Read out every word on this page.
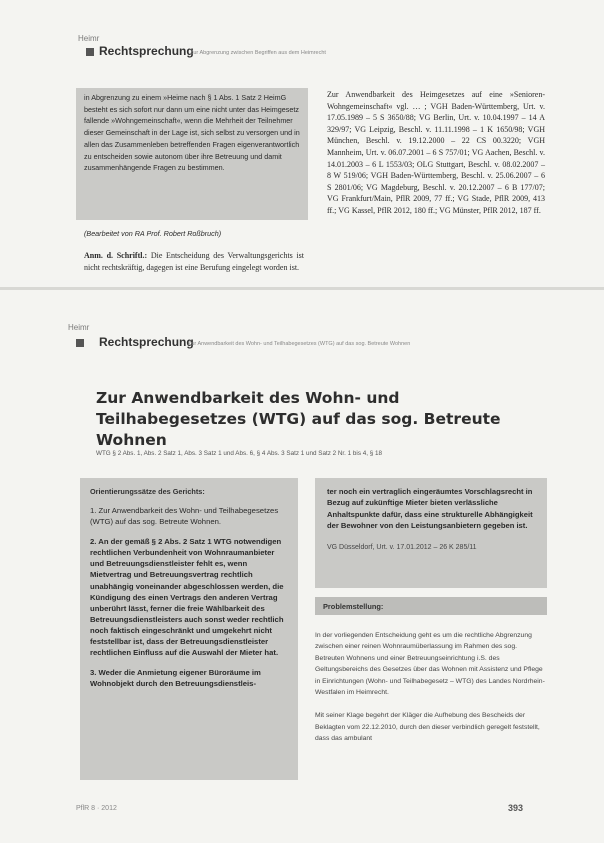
Heimr
Rechtsprechung
Zur Abgrenzung zwischen Begriffen aus dem Heimrecht
in Abgrenzung zu einem »Heime nach § 1 Abs. 1 Satz 2 HeimG besteht es sich sofort nur dann um eine nicht unter das Heimgesetz fallende »Wohngemeinschaft«, wenn die Mehrheit der Teilnehmer dieser Gemeinschaft in der Lage ist, sich selbst zu versorgen und in allen das Zusammenleben betreffenden Fragen eigenverantwortlich zu entscheiden sowie autonom über ihre Betreuung und damit zusammenhängende Fragen zu bestimmen.
(Bearbeitet von RA Prof. Robert Roßbruch)
Anm. d. Schriftl.: Die Entscheidung des Verwaltungsgerichts ist nicht rechtskräftig, dagegen ist eine Berufung eingelegt worden ist.
Zur Anwendbarkeit des Heimgesetzes auf eine »Senioren-Wohngemeinschaft« vgl. … ; VGH Baden-Württemberg, Urt. v. 17.05.1989 – 5 S 3650/88; VG Berlin, Urt. v. 10.04.1997 – 14 A 329/97; VG Leipzig, Beschl. v. 11.11.1998 – 1 K 1650/98; VGH München, Beschl. v. 19.12.2000 – 22 CS 00.3220; VGH Mannheim, Urt. v. 06.07.2001 – 6 S 757/01; VG Aachen, Beschl. v. 14.01.2003 – 6 L 1553/03; OLG Stuttgart, Beschl. v. 08.02.2007 – 8 W 519/06; VGH Baden-Württemberg, Beschl. v. 25.06.2007 – 6 S 2801/06; VG Magdeburg, Beschl. v. 20.12.2007 – 6 B 177/07; VG Frankfurt/Main, PflR 2009, 77 ff.; VG Stade, PflR 2009, 413 ff.; VG Kassel, PflR 2012, 180 ff.; VG Münster, PflR 2012, 187 ff.
Heimr
Rechtsprechung
Zur Anwendbarkeit des Wohn- und Teilhabegesetzes (WTG) auf das sog. Betreute Wohnen
Zur Anwendbarkeit des Wohn- und Teilhabegesetzes (WTG) auf das sog. Betreute Wohnen
WTG § 2 Abs. 1, Abs. 2 Satz 1, Abs. 3 Satz 1 und Abs. 6, § 4 Abs. 3 Satz 1 und Satz 2 Nr. 1 bis 4, § 18
Orientierungssätze des Gerichts:

1. Zur Anwendbarkeit des Wohn- und Teilhabegesetzes (WTG) auf das sog. Betreute Wohnen.

2. An der gemäß § 2 Abs. 2 Satz 1 WTG notwendigen rechtlichen Verbundenheit von Wohnraumanbieter und Betreuungsdienstleister fehlt es, wenn Mietvertrag und Betreuungsvertrag rechtlich unabhängig voneinander abgeschlossen werden, die Kündigung des einen Vertrags den anderen Vertrag unberührt lässt, ferner die freie Wählbarkeit des Betreuungsdienstleisters auch sonst weder rechtlich noch faktisch eingeschränkt und umgekehrt nicht feststellbar ist, dass der Betreuungsdienstleister rechtlichen Einfluss auf die Auswahl der Mieter hat.

3. Weder die Anmietung eigener Büroräume im Wohnobjekt durch den Betreuungsdienstleis-

ter noch ein vertraglich eingeräumtes Vorschlagsrecht in Bezug auf zukünftige Mieter bieten verlässliche Anhaltspunkte dafür, dass eine strukturelle Abhängigkeit der Bewohner von den Leistungsanbietern gegeben ist.
VG Düsseldorf, Urt. v. 17.01.2012 – 26 K 285/11
Problemstellung:

In der vorliegenden Entscheidung geht es um die rechtliche Abgrenzung zwischen einer reinen Wohnraumüberlassung im Rahmen des sog. Betreuten Wohnens und einer Betreuungseinrichtung i.S. des Geltungsbereichs des Gesetzes über das Wohnen mit Assistenz und Pflege in Einrichtungen (Wohn- und Teilhabegesetz – WTG) des Landes Nordrhein-Westfalen im Heimrecht.

Mit seiner Klage begehrt der Kläger die Aufhebung des Bescheids der Beklagten vom 22.12.2010, durch den dieser verbindlich geregelt feststellt, dass das ambulant

PflR 8 · 2012	393
